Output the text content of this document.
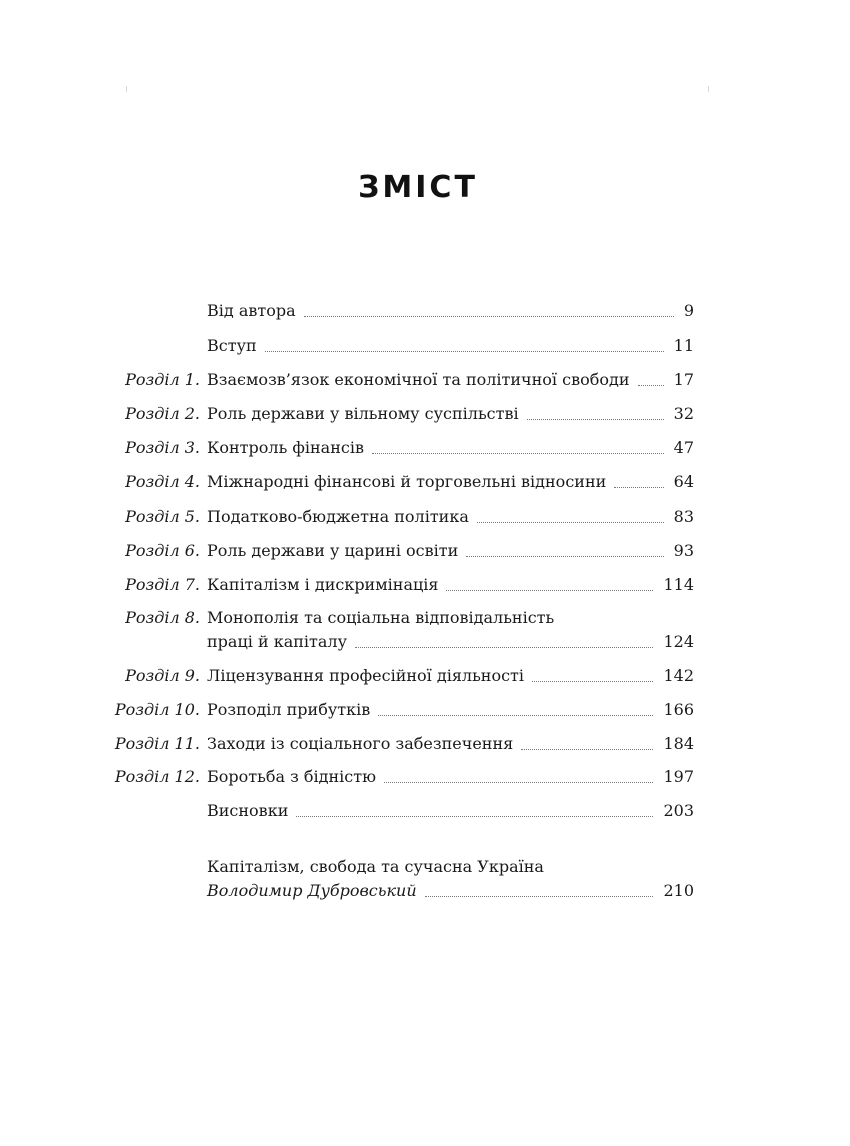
ЗМІСТ
Від автора	9
Вступ	11
Розділ 1. Взаємозв’язок економічної та політичної свободи	17
Розділ 2. Роль держави у вільному суспільстві	32
Розділ 3. Контроль фінансів	47
Розділ 4. Міжнародні фінансові й торговельні відносини	64
Розділ 5. Податково-бюджетна політика	83
Розділ 6. Роль держави у царині освіти	93
Розділ 7. Капіталізм і дискримінація	114
Розділ 8. Монополія та соціальна відповідальність
праці й капіталу	124
Розділ 9. Ліцензування професійної діяльності	142
Розділ 10. Розподіл прибутків	166
Розділ 11. Заходи із соціального забезпечення	184
Розділ 12. Боротьба з бідністю	197
Висновки	203
Капіталізм, свобода та сучасна Україна
Володимир Дубровський	210
